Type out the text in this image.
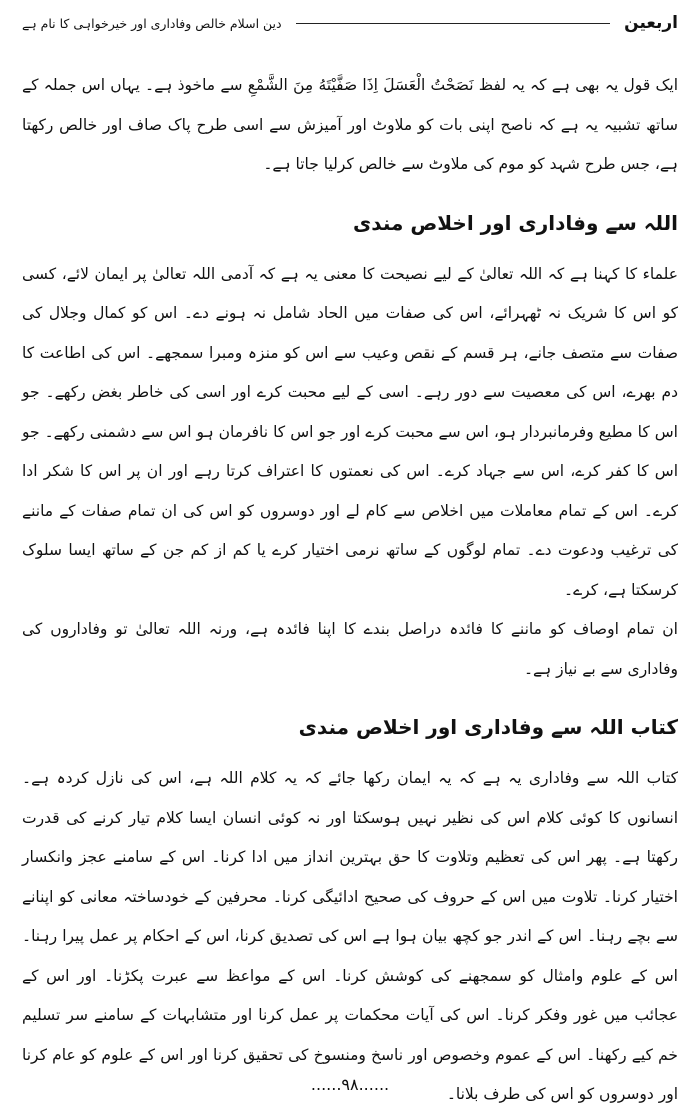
اربعین
دین اسلام خالص وفاداری اور خیرخواہی کا نام ہے

ایک قول یہ بھی ہے کہ یہ لفظ نَصَحْتُ الْعَسَلَ اِذَا صَفَّيْتَهُ مِنَ الشَّمْعِ سے ماخوذ ہے۔ یہاں اس جملہ کے ساتھ تشبیہ یہ ہے کہ ناصح اپنی بات کو ملاوٹ اور آمیزش سے اسی طرح پاک صاف اور خالص رکھتا ہے، جس طرح شہد کو موم کی ملاوٹ سے خالص کرلیا جاتا ہے۔

اللہ سے وفاداری اور اخلاص مندی

علماء کا کہنا ہے کہ اللہ تعالیٰ کے لیے نصیحت کا معنی یہ ہے کہ آدمی اللہ تعالیٰ پر ایمان لائے، کسی کو اس کا شریک نہ ٹھہرائے، اس کی صفات میں الحاد شامل نہ ہونے دے۔ اس کو کمال وجلال کی صفات سے متصف جانے، ہر قسم کے نقص وعیب سے اس کو منزہ ومبرا سمجھے۔ اس کی اطاعت کا دم بھرے، اس کی معصیت سے دور رہے۔ اسی کے لیے محبت کرے اور اسی کی خاطر بغض رکھے۔ جو اس کا مطیع وفرمانبردار ہو، اس سے محبت کرے اور جو اس کا نافرمان ہو اس سے دشمنی رکھے۔ جو اس کا کفر کرے، اس سے جہاد کرے۔ اس کی نعمتوں کا اعتراف کرتا رہے اور ان پر اس کا شکر ادا کرے۔ اس کے تمام معاملات میں اخلاص سے کام لے اور دوسروں کو اس کی ان تمام صفات کے ماننے کی ترغیب ودعوت دے۔ تمام لوگوں کے ساتھ نرمی اختیار کرے یا کم از کم جن کے ساتھ ایسا سلوک کرسکتا ہے، کرے۔

ان تمام اوصاف کو ماننے کا فائدہ دراصل بندے کا اپنا فائدہ ہے، ورنہ اللہ تعالیٰ تو وفاداروں کی وفاداری سے بے نیاز ہے۔

کتاب اللہ سے وفاداری اور اخلاص مندی

کتاب اللہ سے وفاداری یہ ہے کہ یہ ایمان رکھا جائے کہ یہ کلام اللہ ہے، اس کی نازل کردہ ہے۔ انسانوں کا کوئی کلام اس کی نظیر نہیں ہوسکتا اور نہ کوئی انسان ایسا کلام تیار کرنے کی قدرت رکھتا ہے۔ پھر اس کی تعظیم وتلاوت کا حق بہترین انداز میں ادا کرنا۔ اس کے سامنے عجز وانکسار اختیار کرنا۔ تلاوت میں اس کے حروف کی صحیح ادائیگی کرنا۔ محرفین کے خودساختہ معانی کو اپنانے سے بچے رہنا۔ اس کے اندر جو کچھ بیان ہوا ہے اس کی تصدیق کرنا، اس کے احکام پر عمل پیرا رہنا۔ اس کے علوم وامثال کو سمجھنے کی کوشش کرنا۔ اس کے مواعظ سے عبرت پکڑنا۔ اور اس کے عجائب میں غور وفکر کرنا۔ اس کی آیات محکمات پر عمل کرنا اور متشابہات کے سامنے سر تسلیم خم کیے رکھنا۔ اس کے عموم وخصوص اور ناسخ ومنسوخ کی تحقیق کرنا اور اس کے علوم کو عام کرنا اور دوسروں کو اس کی طرف بلانا۔

......۹۸......
